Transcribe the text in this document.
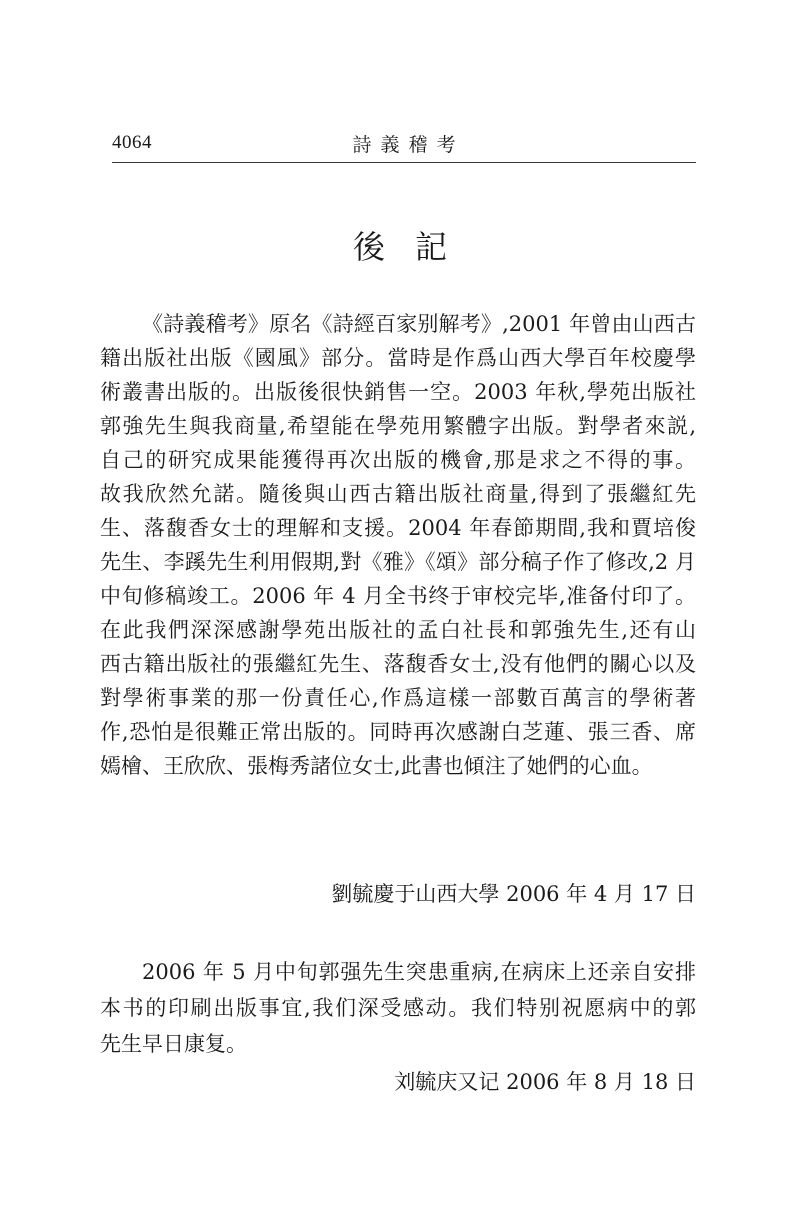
4064	詩義稽考
後記
《詩義稽考》原名《詩經百家别解考》,2001 年曾由山西古
籍出版社出版《國風》部分。當時是作爲山西大學百年校慶學
術叢書出版的。出版後很快銷售一空。2003 年秋,學苑出版社
郭強先生與我商量,希望能在學苑用繁體字出版。對學者來説,
自己的研究成果能獲得再次出版的機會,那是求之不得的事。
故我欣然允諾。隨後與山西古籍出版社商量,得到了張繼紅先
生、落馥香女士的理解和支援。2004 年春節期間,我和賈培俊
先生、李蹊先生利用假期,對《雅》《頌》部分稿子作了修改,2 月
中旬修稿竣工。2006 年 4 月全书终于审校完毕,准备付印了。
在此我們深深感謝學苑出版社的孟白社長和郭強先生,还有山
西古籍出版社的張繼紅先生、落馥香女士,没有他們的關心以及
對學術事業的那一份責任心,作爲這樣一部數百萬言的學術著
作,恐怕是很難正常出版的。同時再次感謝白芝蓮、張三香、席
嫣檜、王欣欣、張梅秀諸位女士,此書也傾注了她們的心血。
劉毓慶于山西大學 2006 年 4 月 17 日
2006 年 5 月中旬郭强先生突患重病,在病床上还亲自安排
本书的印刷出版事宜,我们深受感动。我们特别祝愿病中的郭
先生早日康复。
刘毓庆又记 2006 年 8 月 18 日
